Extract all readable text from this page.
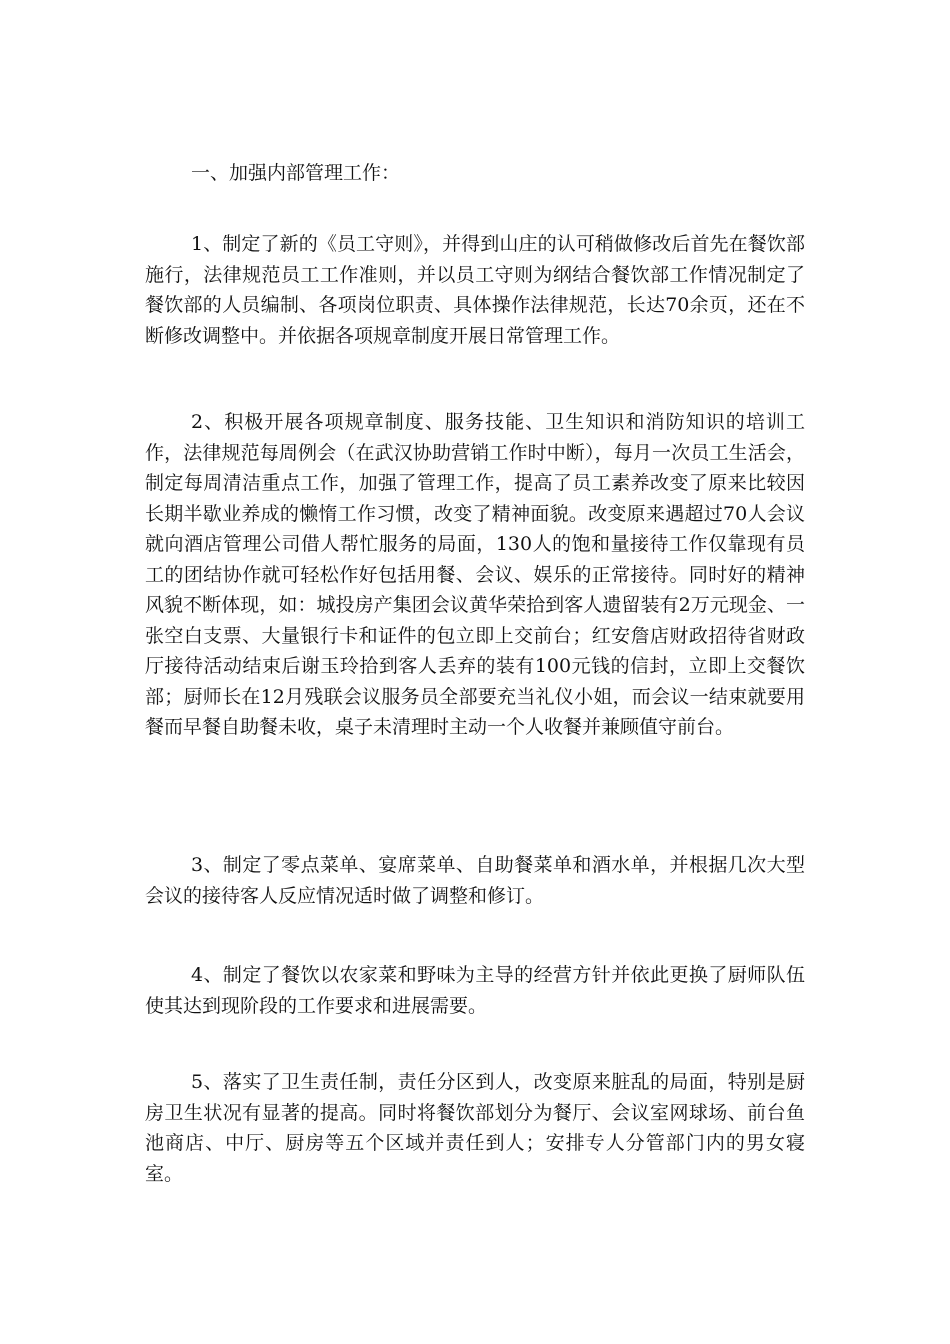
一、加强内部管理工作：

1、制定了新的《员工守则》，并得到山庄的认可稍做修改后首先在餐饮部施行，法律规范员工工作准则，并以员工守则为纲结合餐饮部工作情况制定了餐饮部的人员编制、各项岗位职责、具体操作法律规范，长达70余页，还在不断修改调整中。并依据各项规章制度开展日常管理工作。

2、积极开展各项规章制度、服务技能、卫生知识和消防知识的培训工作，法律规范每周例会（在武汉协助营销工作时中断），每月一次员工生活会，制定每周清洁重点工作，加强了管理工作，提高了员工素养改变了原来比较因长期半歇业养成的懒惰工作习惯，改变了精神面貌。改变原来遇超过70人会议就向酒店管理公司借人帮忙服务的局面，130人的饱和量接待工作仅靠现有员工的团结协作就可轻松作好包括用餐、会议、娱乐的正常接待。同时好的精神风貌不断体现，如：城投房产集团会议黄华荣拾到客人遗留装有2万元现金、一张空白支票、大量银行卡和证件的包立即上交前台；红安詹店财政招待省财政厅接待活动结束后谢玉玲拾到客人丢弃的装有100元钱的信封，立即上交餐饮部；厨师长在12月残联会议服务员全部要充当礼仪小姐，而会议一结束就要用餐而早餐自助餐未收，桌子未清理时主动一个人收餐并兼顾值守前台。

3、制定了零点菜单、宴席菜单、自助餐菜单和酒水单，并根据几次大型会议的接待客人反应情况适时做了调整和修订。

4、制定了餐饮以农家菜和野味为主导的经营方针并依此更换了厨师队伍使其达到现阶段的工作要求和进展需要。

5、落实了卫生责任制，责任分区到人，改变原来脏乱的局面，特别是厨房卫生状况有显著的提高。同时将餐饮部划分为餐厅、会议室网球场、前台鱼池商店、中厅、厨房等五个区域并责任到人；安排专人分管部门内的男女寝室。
